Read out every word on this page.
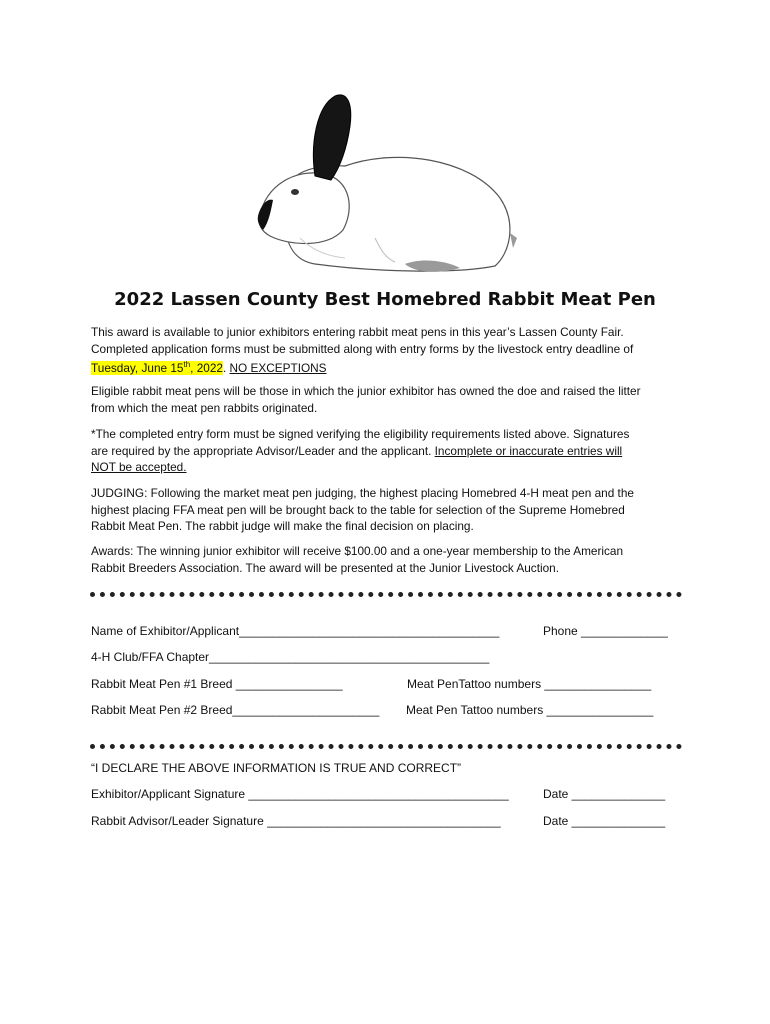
2022 Lassen County Best Homebred Rabbit Meat Pen
This award is available to junior exhibitors entering rabbit meat pens in this year’s Lassen County Fair.
Completed application forms must be submitted along with entry forms by the livestock entry deadline of
Tuesday, June 15th, 2022. NO EXCEPTIONS
Eligible rabbit meat pens will be those in which the junior exhibitor has owned the doe and raised the litter
from which the meat pen rabbits originated.
*The completed entry form must be signed verifying the eligibility requirements listed above. Signatures
are required by the appropriate Advisor/Leader and the applicant. Incomplete or inaccurate entries will
NOT be accepted.
JUDGING: Following the market meat pen judging, the highest placing Homebred 4-H meat pen and the
highest placing FFA meat pen will be brought back to the table for selection of the Supreme Homebred
Rabbit Meat Pen. The rabbit judge will make the final decision on placing.
Awards: The winning junior exhibitor will receive $100.00 and a one-year membership to the American
Rabbit Breeders Association. The award will be presented at the Junior Livestock Auction.
Name of Exhibitor/Applicant_______________________________________	Phone _____________
4-H Club/FFA Chapter__________________________________________
Rabbit Meat Pen #1 Breed ________________	Meat PenTattoo numbers ________________
Rabbit Meat Pen #2 Breed______________________ Meat Pen Tattoo numbers ________________
“I DECLARE THE ABOVE INFORMATION IS TRUE AND CORRECT”
Exhibitor/Applicant Signature _______________________________________	Date ______________
Rabbit Advisor/Leader Signature ___________________________________	Date ______________
